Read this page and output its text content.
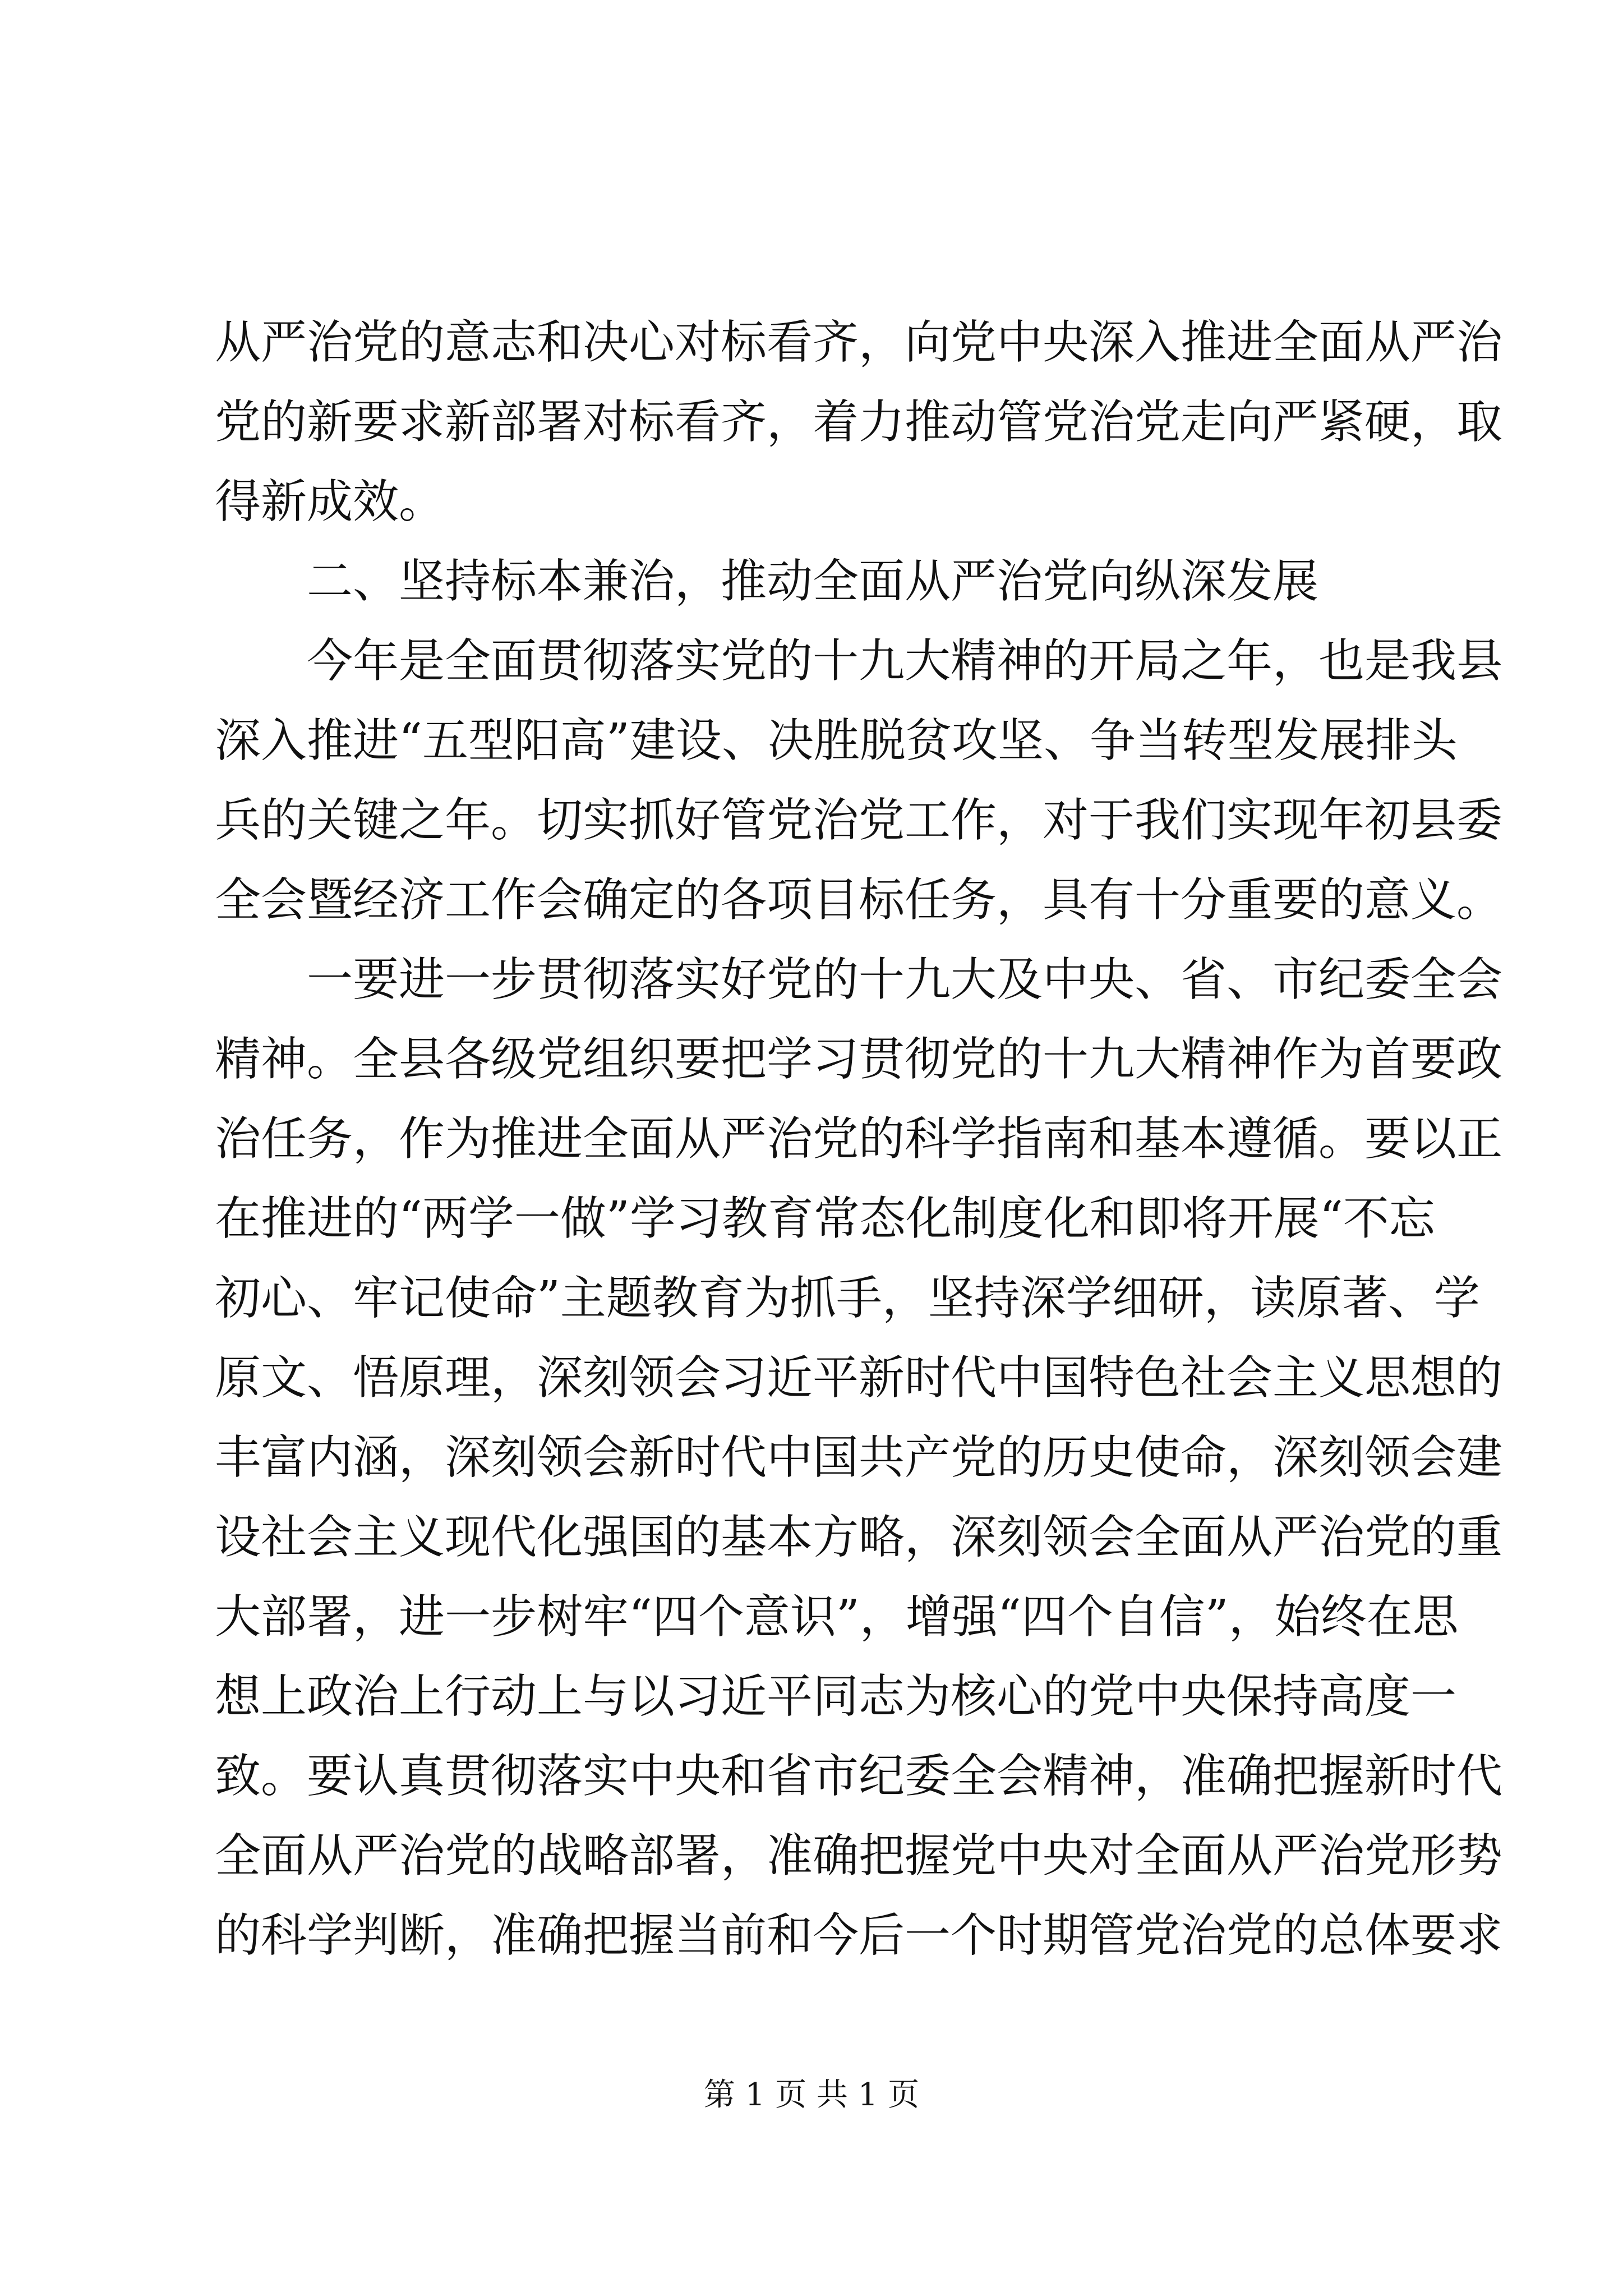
从严治党的意志和决心对标看齐，向党中央深入推进全面从严治
党的新要求新部署对标看齐，着力推动管党治党走向严紧硬，取
得新成效。
二、坚持标本兼治，推动全面从严治党向纵深发展
今年是全面贯彻落实党的十九大精神的开局之年，也是我县
深入推进“五型阳高”建设、决胜脱贫攻坚、争当转型发展排头
兵的关键之年。切实抓好管党治党工作，对于我们实现年初县委
全会暨经济工作会确定的各项目标任务，具有十分重要的意义。
一要进一步贯彻落实好党的十九大及中央、省、市纪委全会
精神。全县各级党组织要把学习贯彻党的十九大精神作为首要政
治任务，作为推进全面从严治党的科学指南和基本遵循。要以正
在推进的“两学一做”学习教育常态化制度化和即将开展“不忘
初心、牢记使命”主题教育为抓手，坚持深学细研，读原著、学
原文、悟原理，深刻领会习近平新时代中国特色社会主义思想的
丰富内涵，深刻领会新时代中国共产党的历史使命，深刻领会建
设社会主义现代化强国的基本方略，深刻领会全面从严治党的重
大部署，进一步树牢“四个意识”，增强“四个自信”，始终在思
想上政治上行动上与以习近平同志为核心的党中央保持高度一
致。要认真贯彻落实中央和省市纪委全会精神，准确把握新时代
全面从严治党的战略部署，准确把握党中央对全面从严治党形势
的科学判断，准确把握当前和今后一个时期管党治党的总体要求
第 1 页 共 1 页
